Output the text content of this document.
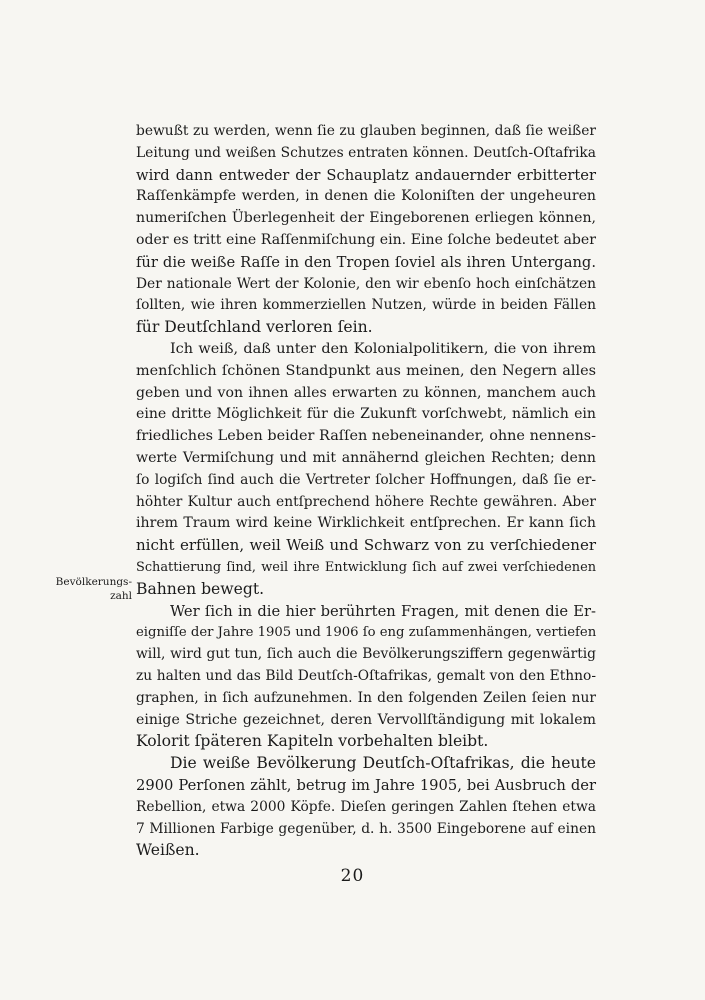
Bevölkerungs-
zahl
bewußt zu werden, wenn ſie zu glauben beginnen, daß ſie weißer
Leitung und weißen Schutzes entraten können. Deutſch-Oſtafrika
wird dann entweder der Schauplatz andauernder erbitterter
Raſſenkämpfe werden, in denen die Koloniſten der ungeheuren
numeriſchen Überlegenheit der Eingeborenen erliegen können,
oder es tritt eine Raſſenmiſchung ein. Eine ſolche bedeutet aber
für die weiße Raſſe in den Tropen ſoviel als ihren Untergang.
Der nationale Wert der Kolonie, den wir ebenſo hoch einſchätzen
ſollten, wie ihren kommerziellen Nutzen, würde in beiden Fällen
für Deutſchland verloren ſein.
Ich weiß, daß unter den Kolonialpolitikern, die von ihrem
menſchlich ſchönen Standpunkt aus meinen, den Negern alles
geben und von ihnen alles erwarten zu können, manchem auch
eine dritte Möglichkeit für die Zukunft vorſchwebt, nämlich ein
friedliches Leben beider Raſſen nebeneinander, ohne nennens-
werte Vermiſchung und mit annähernd gleichen Rechten; denn
ſo logiſch ſind auch die Vertreter ſolcher Hoffnungen, daß ſie er-
höhter Kultur auch entſprechend höhere Rechte gewähren. Aber
ihrem Traum wird keine Wirklichkeit entſprechen. Er kann ſich
nicht erfüllen, weil Weiß und Schwarz von zu verſchiedener
Schattierung ſind, weil ihre Entwicklung ſich auf zwei verſchiedenen
Bahnen bewegt.
Wer ſich in die hier berührten Fragen, mit denen die Er-
eigniſſe der Jahre 1905 und 1906 ſo eng zuſammenhängen, vertiefen
will, wird gut tun, ſich auch die Bevölkerungsziffern gegenwärtig
zu halten und das Bild Deutſch-Oſtafrikas, gemalt von den Ethno-
graphen, in ſich aufzunehmen. In den folgenden Zeilen ſeien nur
einige Striche gezeichnet, deren Vervollſtändigung mit lokalem
Kolorit ſpäteren Kapiteln vorbehalten bleibt.
Die weiße Bevölkerung Deutſch-Oſtafrikas, die heute
2900 Perſonen zählt, betrug im Jahre 1905, bei Ausbruch der
Rebellion, etwa 2000 Köpfe. Dieſen geringen Zahlen ſtehen etwa
7 Millionen Farbige gegenüber, d. h. 3500 Eingeborene auf einen
Weißen.
20
